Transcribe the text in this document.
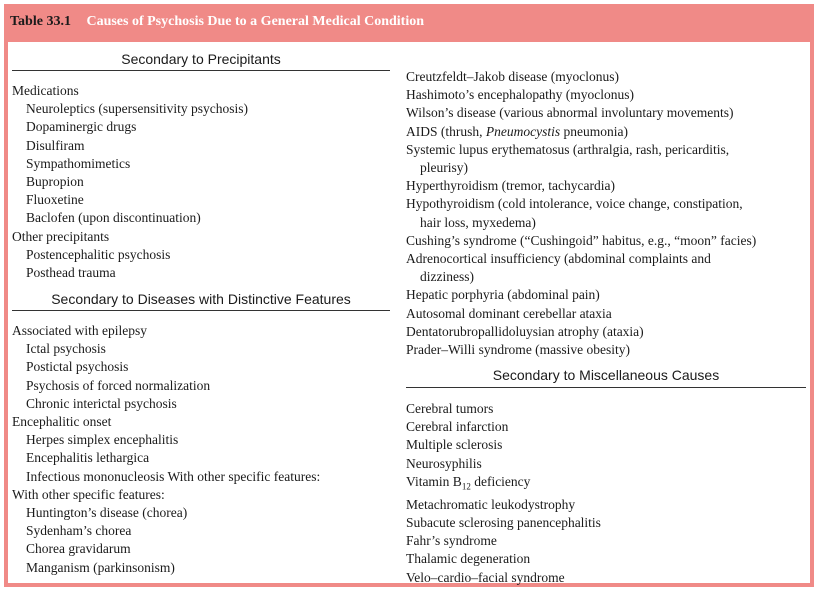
Table 33.1 Causes of Psychosis Due to a General Medical Condition
Secondary to Precipitants
Medications
Neuroleptics (supersensitivity psychosis)
Dopaminergic drugs
Disulfiram
Sympathomimetics
Bupropion
Fluoxetine
Baclofen (upon discontinuation)
Other precipitants
Postencephalitic psychosis
Posthead trauma
Secondary to Diseases with Distinctive Features
Associated with epilepsy
Ictal psychosis
Postictal psychosis
Psychosis of forced normalization
Chronic interictal psychosis
Encephalitic onset
Herpes simplex encephalitis
Encephalitis lethargica
Infectious mononucleosis With other specific features:
With other specific features:
Huntington’s disease (chorea)
Sydenham’s chorea
Chorea gravidarum
Manganism (parkinsonism)
Creutzfeldt–Jakob disease (myoclonus)
Hashimoto’s encephalopathy (myoclonus)
Wilson’s disease (various abnormal involuntary movements)
AIDS (thrush, Pneumocystis pneumonia)
Systemic lupus erythematosus (arthralgia, rash, pericarditis,
pleurisy)
Hyperthyroidism (tremor, tachycardia)
Hypothyroidism (cold intolerance, voice change, constipation,
hair loss, myxedema)
Cushing’s syndrome (“Cushingoid” habitus, e.g., “moon” facies)
Adrenocortical insufficiency (abdominal complaints and
dizziness)
Hepatic porphyria (abdominal pain)
Autosomal dominant cerebellar ataxia
Dentatorubropallidoluysian atrophy (ataxia)
Prader–Willi syndrome (massive obesity)
Secondary to Miscellaneous Causes
Cerebral tumors
Cerebral infarction
Multiple sclerosis
Neurosyphilis
Vitamin $B_{12}$ deficiency
Metachromatic leukodystrophy
Subacute sclerosing panencephalitis
Fahr’s syndrome
Thalamic degeneration
Velo–cardio–facial syndrome
